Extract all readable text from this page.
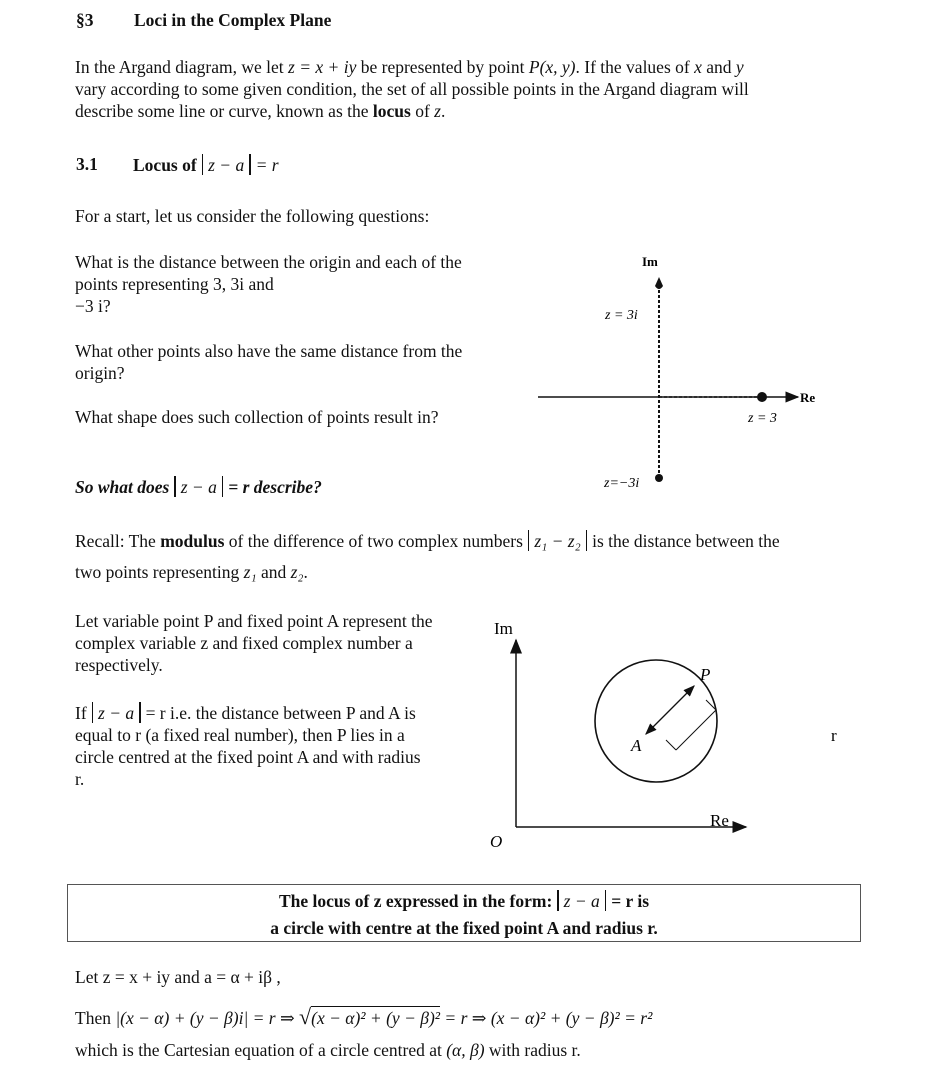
§3 Loci in the Complex Plane
In the Argand diagram, we let z = x + iy be represented by point P(x, y). If the values of x and y
vary according to some given condition, the set of all possible points in the Argand diagram will
describe some line or curve, known as the locus of z.
3.1 Locus of z − a = r
For a start, let us consider the following questions:
What is the distance between the origin and each of the
points representing 3, 3i and
−3 i?
What other points also have the same distance from the
origin?
What shape does such collection of points result in?
So what does z − a = r describe?
Im
Re
z = 3i
z = 3
z=−3i
Recall: The modulus of the difference of two complex numbers z₁ − z₂ is the distance between the
two points representing z₁ and z₂.
Let variable point P and fixed point A represent the
complex variable z and fixed complex number a
respectively.
If z − a = r i.e. the distance between P and A is
equal to r (a fixed real number), then P lies in a
circle centred at the fixed point A and with radius
r.
Im
Re
O
P
A
r
The locus of z expressed in the form: z − a = r is
a circle with centre at the fixed point A and radius r.
Let z = x + iy and a = α + iβ ,
Then |(x − α) + (y − β)i| = r ⇒ √(x − α)² + (y − β)² = r ⇒ (x − α)² + (y − β)² = r²
which is the Cartesian equation of a circle centred at (α, β) with radius r.
